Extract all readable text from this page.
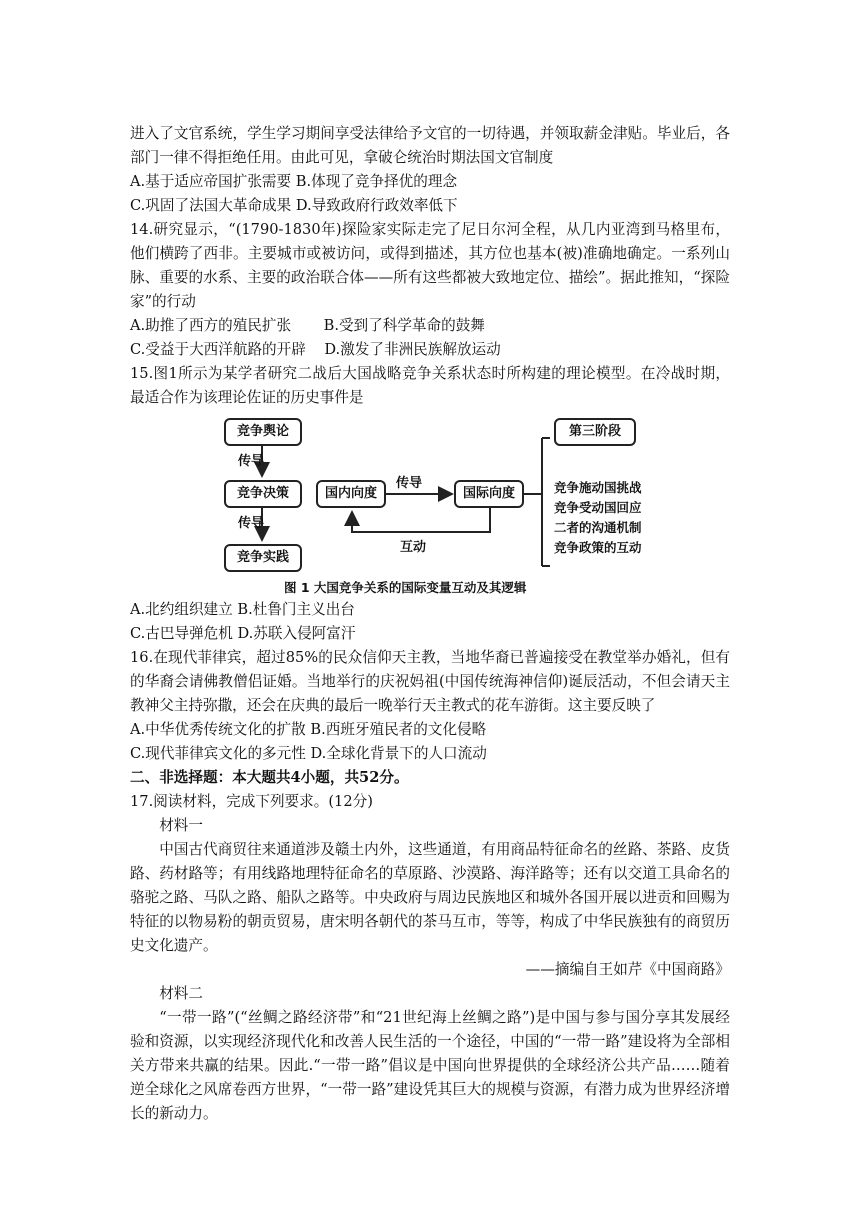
进入了文官系统，学生学习期间享受法律给予文官的一切待遇，并领取薪金津贴。毕业后，各部门一律不得拒绝任用。由此可见，拿破仑统治时期法国文官制度

A.基于适应帝国扩张需要 B.体现了竞争择优的理念

C.巩固了法国大革命成果 D.导致政府行政效率低下

14.研究显示，“(1790-1830年)探险家实际走完了尼日尔河全程，从几内亚湾到马格里布，他们横跨了西非。主要城市或被访问，或得到描述，其方位也基本(被)准确地确定。一系列山脉、重要的水系、主要的政治联合体——所有这些都被大致地定位、描绘”。据此推知，“探险家”的行动

A.助推了西方的殖民扩张       B.受到了科学革命的鼓舞

C.受益于大西洋航路的开辟    D.激发了非洲民族解放运动

15.图1所示为某学者研究二战后大国战略竞争关系状态时所构建的理论模型。在冷战时期，最适合作为该理论佐证的历史事件是

竞争舆论
传导
竞争决策
传导
竞争实践
国内向度
传导
国际向度
互动
第三阶段
竞争施动国挑战
竞争受动国回应
二者的沟通机制
竞争政策的互动
图 1 大国竞争关系的国际变量互动及其逻辑

A.北约组织建立 B.杜鲁门主义出台

C.古巴导弹危机 D.苏联入侵阿富汗

16.在现代菲律宾，超过85%的民众信仰天主教，当地华裔已普遍接受在教堂举办婚礼，但有的华裔会请佛教僧侣证婚。当地举行的庆祝妈祖(中国传统海神信仰)诞辰活动，不但会请天主教神父主持弥撒，还会在庆典的最后一晚举行天主教式的花车游街。这主要反映了

A.中华优秀传统文化的扩散 B.西班牙殖民者的文化侵略

C.现代菲律宾文化的多元性 D.全球化背景下的人口流动

二、非选择题：本大题共4小题，共52分。

17.阅读材料，完成下列要求。(12分)

材料一

中国古代商贸往来通道涉及赣土内外，这些通道，有用商品特征命名的丝路、茶路、皮货路、药材路等；有用线路地理特征命名的草原路、沙漠路、海洋路等；还有以交道工具命名的骆驼之路、马队之路、船队之路等。中央政府与周边民族地区和城外各国开展以进贡和回赐为特征的以物易粉的朝贡贸易，唐宋明各朝代的茶马互市，等等，构成了中华民族独有的商贸历史文化遗产。

——摘编自王如芹《中国商路》

材料二

“一带一路”(“丝鲷之路经济带”和“21世纪海上丝鲷之路”)是中国与参与国分享其发展经验和资源，以实现经济现代化和改善人民生活的一个途径，中国的“一带一路”建设将为全部相关方带来共赢的结果。因此.“一带一路”倡议是中国向世界提供的全球经济公共产品……随着逆全球化之风席卷西方世界，“一带一路”建设凭其巨大的规模与资源，有潜力成为世界经济增长的新动力。
